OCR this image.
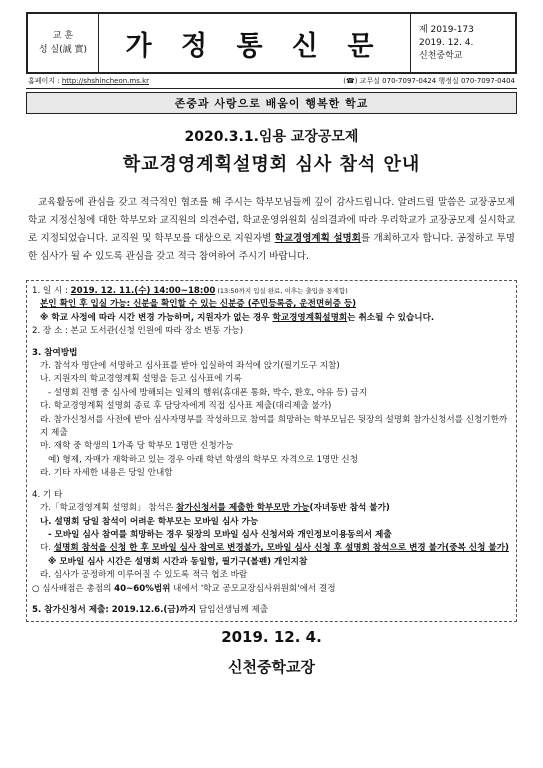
교 훈
성 실(誠 實)	가 정 통 신 문
제 2019-173
2019. 12. 4.
신천중학교
홈페이지 : http://shshincheon.ms.kr	(☎) 교무실 070-7097-0424 행정실 070-7097-0404
존중과 사랑으로 배움이 행복한 학교
2020.3.1.임용 교장공모제
학교경영계획설명회 심사 참석 안내
교육활동에 관심을 갖고 적극적인 협조를 해 주시는 학부모님들께 깊이 감사드립니다. 알려드릴 말씀은 교장공모제학교 지정신청에 대한 학부모와 교직원의 의견수렴, 학교운영위원회 심의결과에 따라 우리학교가 교장공모제 실시학교로 지정되었습니다. 교직원 및 학부모를 대상으로 지원자별 학교경영계획 설명회를 개최하고자 합니다. 공정하고 투명한 심사가 될 수 있도록 관심을 갖고 적극 참여하여 주시기 바랍니다.

1. 일 시 : 2019. 12. 11.(수) 14:00~18:00 (13:50까지 입실 완료, 이후는 출입을 통제함)

본인 확인 후 입실 가능: 신분을 확인할 수 있는 신분증 (주민등록증, 운전면허증 등)

※ 학교 사정에 따라 시간 변경 가능하며, 지원자가 없는 경우 학교경영계획설명회는 취소될 수 있습니다.

2. 장 소 : 본교 도서관(신청 인원에 따라 장소 변동 가능)

3. 참여방법

가. 참석자 명단에 서명하고 심사표를 받아 입실하여 좌석에 앉기(필기도구 지참)

나. 지원자의 학교경영계획 설명을 듣고 심사표에 기록

- 설명회 진행 중 심사에 방해되는 일체의 행위(휴대폰 통화, 박수, 환호, 야유 등) 금지

다. 학교경영계획 설명회 종료 후 담당자에게 직접 심사표 제출(대리제출 불가)

라. 참가신청서를 사전에 받아 심사자명부를 작성하므로 참여를 희망하는 학부모님은 뒷장의 설명회 참가신청서를 신청기한까지 제출

마. 재학 중 학생의 1가족 당 학부모 1명만 신청가능

예) 형제, 자매가 재학하고 있는 경우 아래 학년 학생의 학부모 자격으로 1명만 신청

라. 기타 자세한 내용은 당일 안내함

4. 기 타

가.「학교경영계획 설명회」 참석은 참가신청서를 제출한 학부모만 가능(자녀동반 참석 불가)

나. 설명회 당일 참석이 어려운 학부모는 모바일 심사 가능

- 모바일 심사 참여를 희망하는 경우 뒷장의 모바일 심사 신청서와 개인정보이용동의서 제출

다. 설명회 참석을 신청 한 후 모바일 심사 참여로 변경불가, 모바일 심사 신청 후 설명회 참석으로 변경 불가(중복 신청 불가)

※ 모바일 심사 시간은 설명회 시간과 동일함, 필기구(볼펜) 개인지참

라. 심사가 공정하게 이루어질 수 있도록 적극 협조 바람

○ 심사배점은 총점의 40~60%범위 내에서 '학교 공모교장심사위원회'에서 결정

5. 참가신청서 제출: 2019.12.6.(금)까지 담임선생님께 제출

2019. 12. 4.
신천중학교장
